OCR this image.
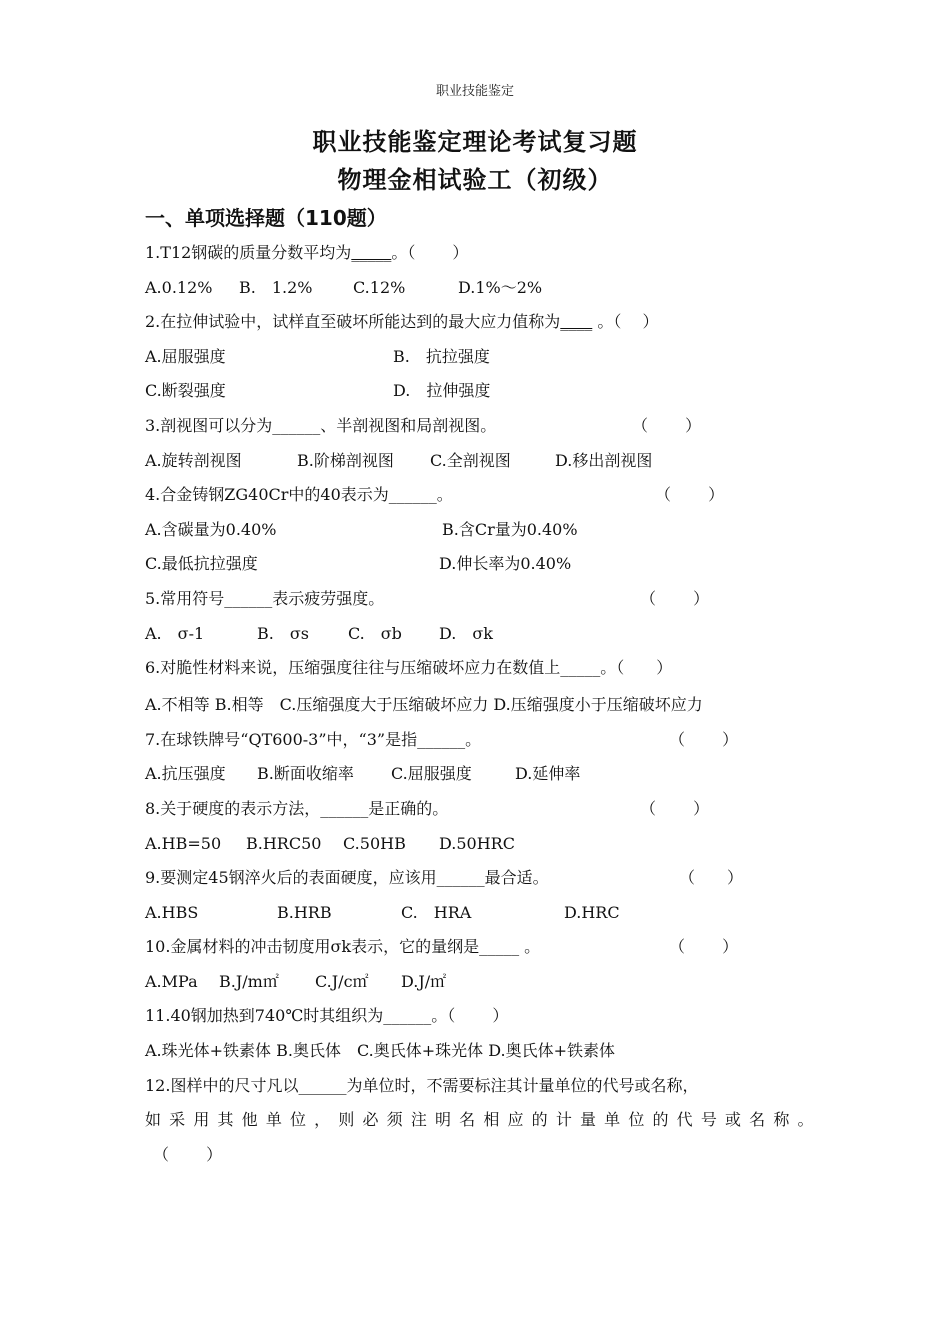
职业技能鉴定
职业技能鉴定理论考试复习题
物理金相试验工（初级）
一、单项选择题（110题）
1.T12钢碳的质量分数平均为_____。（　　 ）
A.0.12% B.　1.2%	C.12%	D.1%～2%
2.在拉伸试验中，试样直至破坏所能达到的最大应力值称为____ 。（　 ）
A.屈服强度	B.　抗拉强度
C.断裂强度	D.　拉伸强度
3.剖视图可以分为______、半剖视图和局剖视图。	（　　 ）
A.旋转剖视图	B.阶梯剖视图 C.全剖视图	D.移出剖视图
4.合金铸钢ZG40Cr中的40表示为______。	（　　 ）
A.含碳量为0.40%	B.含Cr量为0.40%
C.最低抗拉强度	D.伸长率为0.40%
5.常用符号______表示疲劳强度。	（　　 ）
A.　σ-1	B.　σs C.　σb D.　σk
6.对脆性材料来说，压缩强度往往与压缩破坏应力在数值上_____。（　　）
A.不相等 B.相等　C.压缩强度大于压缩破坏应力 D.压缩强度小于压缩破坏应力
7.在球铁牌号“QT600-3”中，“3”是指______。	（　　 ）
A.抗压强度 B.断面收缩率 C.屈服强度	D.延伸率
8.关于硬度的表示方法，______是正确的。	（　　 ）
A.HB=50 B.HRC50 C.50HB D.50HRC
9.要测定45钢淬火后的表面硬度，应该用______最合适。	（　　）
A.HBS	B.HRB	C.　HRA	D.HRC
10.金属材料的冲击韧度用σk表示，它的量纲是_____ 。	（　　 ）
A.MPa B.J/m㎡ C.J/c㎡ D.J/㎡
11.40钢加热到740℃时其组织为______。（　　 ）
A.珠光体+铁素体 B.奥氏体　C.奥氏体+珠光体 D.奥氏体+铁素体
12.图样中的尺寸凡以______为单位时，不需要标注其计量单位的代号或名称，
如采用其他单位，则必须注明名相应的计量单位的代号或名称。
（　　 ）
